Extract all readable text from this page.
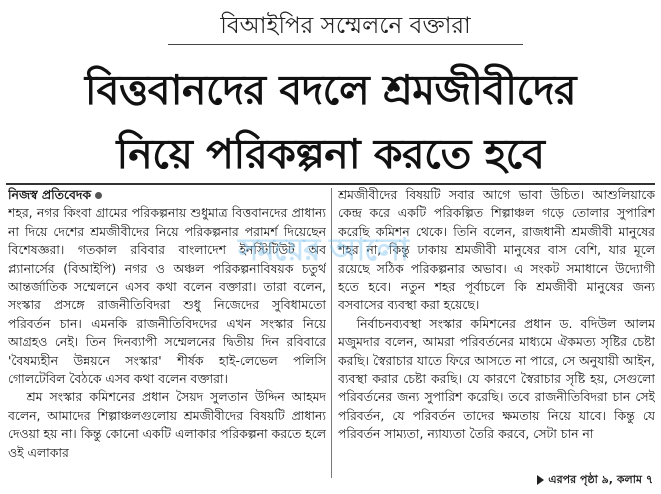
বিআইপির সম্মেলনে বক্তারা
বিত্তবানদের বদলে শ্রমজীবীদের
নিয়ে পরিকল্পনা করতে হবে
নিজস্ব প্রতিবেদক

শহর, নগর কিংবা গ্রামের পরিকল্পনায় শুধুমাত্র বিত্তবানদের প্রাধান্য না দিয়ে দেশের শ্রমজীবীদের নিয়ে পরিকল্পনার পরামর্শ দিয়েছেন বিশেষজ্ঞরা। গতকাল রবিবার বাংলাদেশ ইনস্টিটিউট অব প্ল্যানার্সের (বিআইপি) নগর ও অঞ্চল পরিকল্পনাবিষয়ক চতুর্থ আন্তর্জাতিক সম্মেলনে এসব কথা বলেন বক্তারা। তারা বলেন, সংস্কার প্রসঙ্গে রাজনীতিবিদরা শুধু নিজেদের সুবিধামতো পরিবর্তন চান। এমনকি রাজনীতিবিদদের এখন সংস্কার নিয়ে আগ্রহও নেই। তিন দিনব্যাপী সম্মেলনের দ্বিতীয় দিন রবিবারে 'বৈষম্যহীন উন্নয়নে সংস্কার' শীর্ষক হাই-লেভেল পলিসি গোলটেবিল বৈঠকে এসব কথা বলেন বক্তারা।

শ্রম সংস্কার কমিশনের প্রধান সৈয়দ সুলতান উদ্দিন আহমদ বলেন, আমাদের শিল্পাঞ্চলগুলোয় শ্রমজীবীদের বিষয়টি প্রাধান্য দেওয়া হয় না। কিন্তু কোনো একটি এলাকার পরিকল্পনা করতে হলে ওই এলাকার

শ্রমজীবীদের বিষয়টি সবার আগে ভাবা উচিত। আশুলিয়াকে কেন্দ্র করে একটি পরিকল্পিত শিল্পাঞ্চল গড়ে তোলার সুপারিশ করেছি কমিশন থেকে। তিনি বলেন, রাজধানী শ্রমজীবী মানুষের শহর না, কিন্তু ঢাকায় শ্রমজীবী মানুষের বাস বেশি, যার মূলে রয়েছে সঠিক পরিকল্পনার অভাব। এ সংকট সমাধানে উদ্যোগী হতে হবে। নতুন শহর পূর্বাচলে কি শ্রমজীবী মানুষের জন্য বসবাসের ব্যবস্থা করা হয়েছে।

নির্বাচনব্যবস্থা সংস্কার কমিশনের প্রধান ড. বদিউল আলম মজুমদার বলেন, আমরা পরিবর্তনের মাধ্যমে ঐকমত্য সৃষ্টির চেষ্টা করছি। স্বৈরাচার যাতে ফিরে আসতে না পারে, সে অনুযায়ী আইন, ব্যবস্থা করার চেষ্টা করছি। যে কারণে স্বৈরাচার সৃষ্টি হয়, সেগুলো পরিবর্তনের জন্য সুপারিশ করেছি। তবে রাজনীতিবিদরা চান সেই পরিবর্তন, যে পরিবর্তন তাদের ক্ষমতায় নিয়ে যাবে। কিন্তু যে পরিবর্তন সাম্যতা, ন্যায্যতা তৈরি করবে, সেটা চান না

সময়ের আলো
এরপর পৃষ্ঠা ৯, কলাম ৭
